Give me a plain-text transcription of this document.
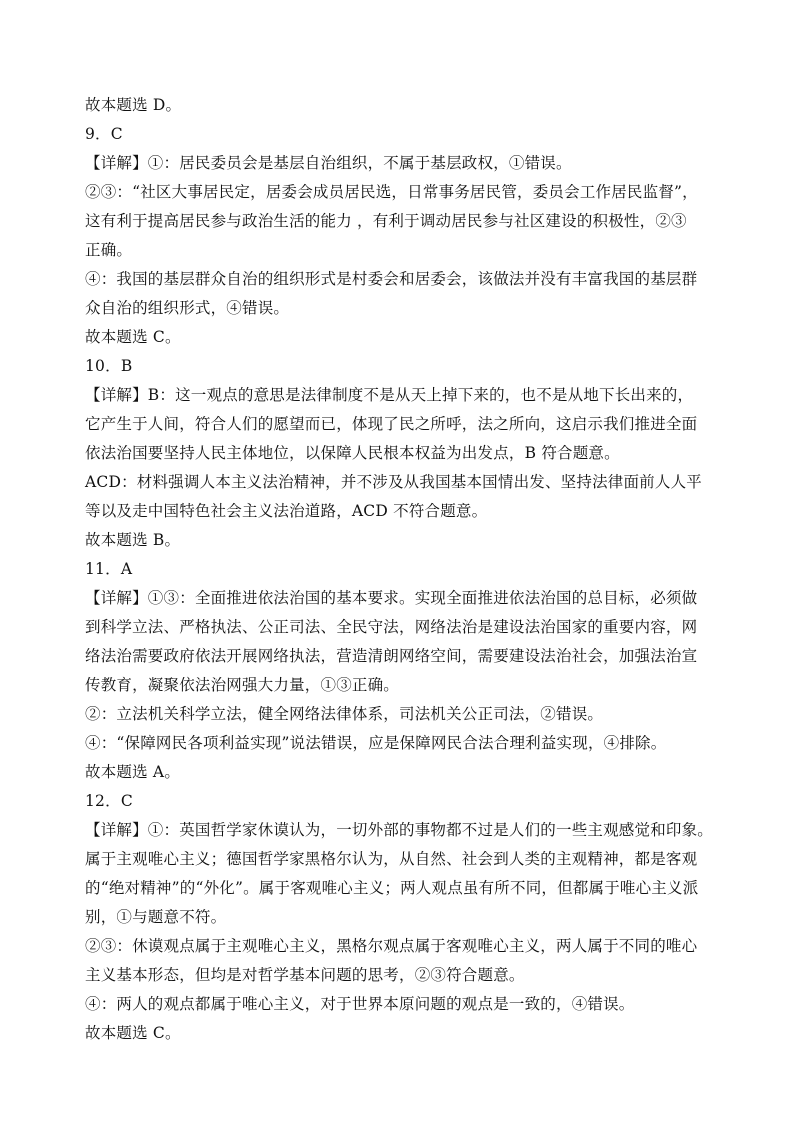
故本题选 D。
9．C
【详解】①：居民委员会是基层自治组织，不属于基层政权，①错误。
②③：“社区大事居民定，居委会成员居民选，日常事务居民管，委员会工作居民监督”，
这有利于提高居民参与政治生活的能力 ，有利于调动居民参与社区建设的积极性，②③
正确。
④：我国的基层群众自治的组织形式是村委会和居委会，该做法并没有丰富我国的基层群
众自治的组织形式，④错误。
故本题选 C。
10．B
【详解】B：这一观点的意思是法律制度不是从天上掉下来的，也不是从地下长出来的，
它产生于人间，符合人们的愿望而已，体现了民之所呼，法之所向，这启示我们推进全面
依法治国要坚持人民主体地位，以保障人民根本权益为出发点，B 符合题意。
ACD：材料强调人本主义法治精神，并不涉及从我国基本国情出发、坚持法律面前人人平
等以及走中国特色社会主义法治道路，ACD 不符合题意。
故本题选 B。
11．A
【详解】①③：全面推进依法治国的基本要求。实现全面推进依法治国的总目标，必须做
到科学立法、严格执法、公正司法、全民守法，网络法治是建设法治国家的重要内容，网
络法治需要政府依法开展网络执法，营造清朗网络空间，需要建设法治社会，加强法治宣
传教育，凝聚依法治网强大力量，①③正确。
②：立法机关科学立法，健全网络法律体系，司法机关公正司法，②错误。
④：“保障网民各项利益实现”说法错误，应是保障网民合法合理利益实现，④排除。
故本题选 A。
12．C
【详解】①：英国哲学家休谟认为，一切外部的事物都不过是人们的一些主观感觉和印象。
属于主观唯心主义；德国哲学家黑格尔认为，从自然、社会到人类的主观精神，都是客观
的“绝对精神”的“外化”。属于客观唯心主义；两人观点虽有所不同，但都属于唯心主义派
别，①与题意不符。
②③：休谟观点属于主观唯心主义，黑格尔观点属于客观唯心主义，两人属于不同的唯心
主义基本形态，但均是对哲学基本问题的思考，②③符合题意。
④：两人的观点都属于唯心主义，对于世界本原问题的观点是一致的，④错误。
故本题选 C。
